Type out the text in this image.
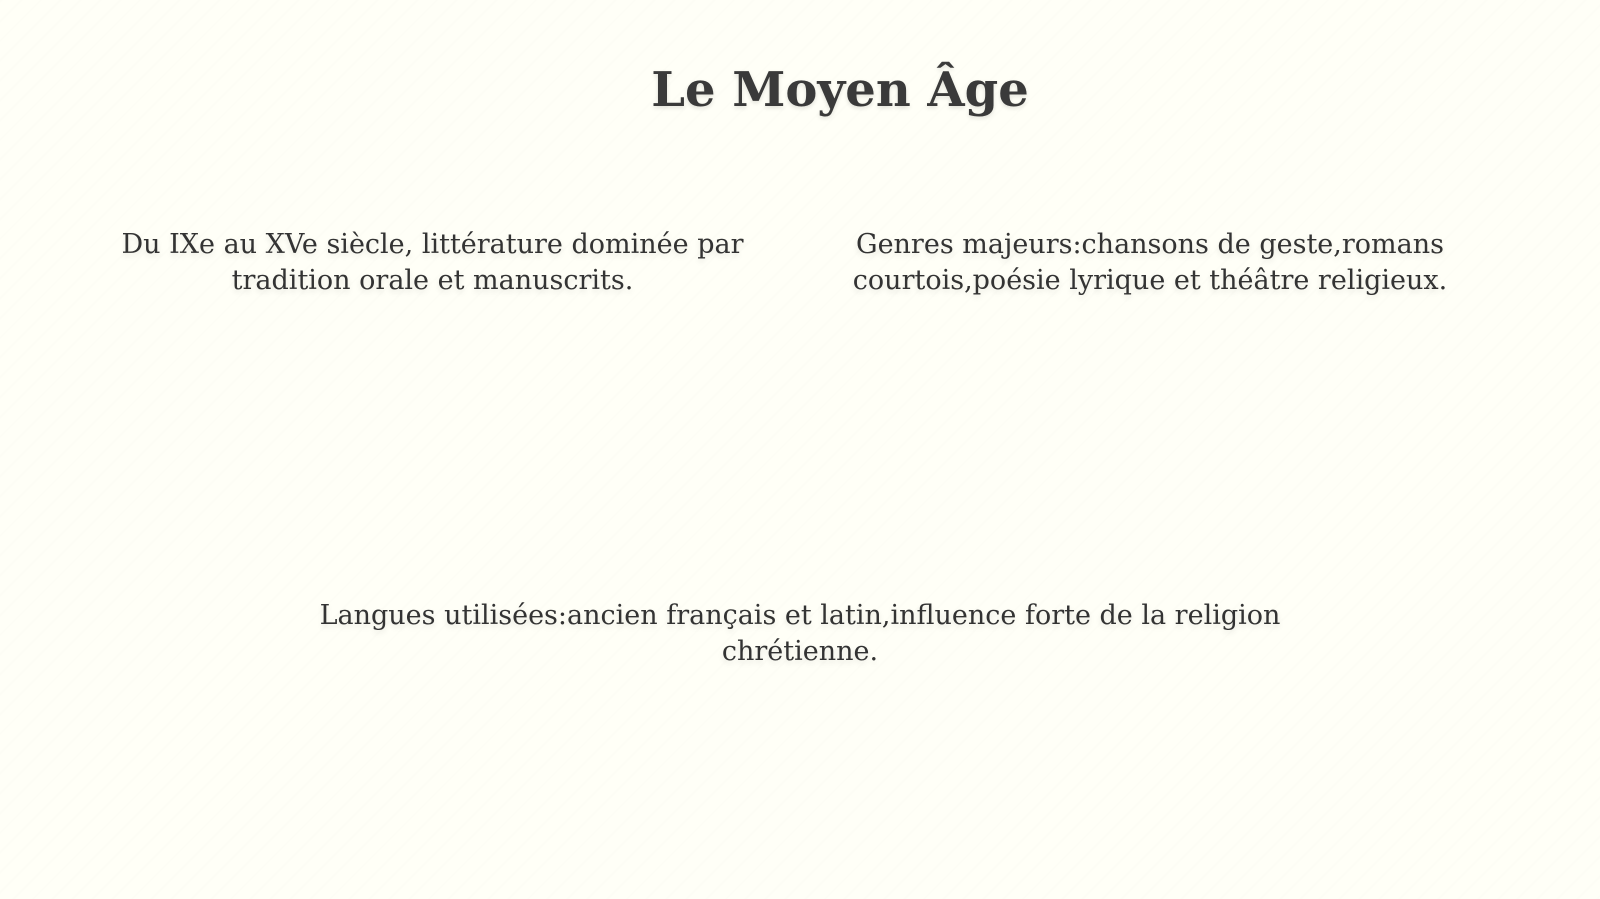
Le Moyen Âge

Du IXe au XVe siècle, littérature dominée par tradition orale et manuscrits.

Genres majeurs:chansons de geste,romans courtois,poésie lyrique et théâtre religieux.

Langues utilisées:ancien français et latin,influence forte de la religion chrétienne.
